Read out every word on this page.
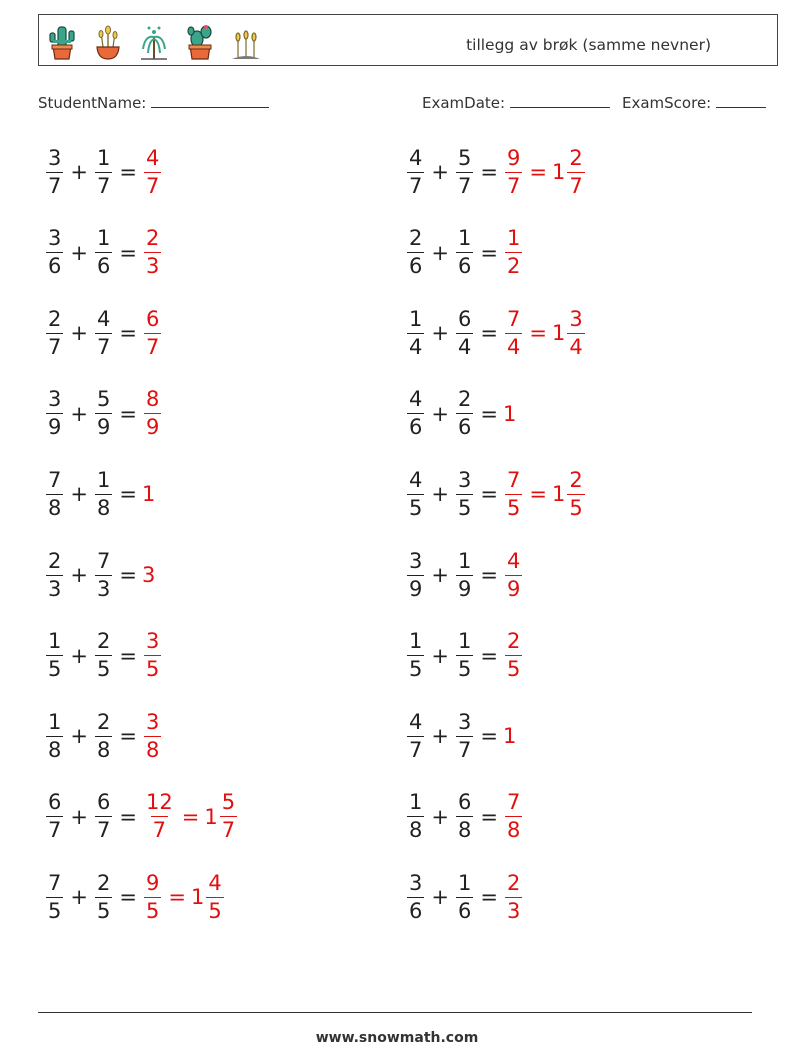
tillegg av brøk (samme nevner)
StudentName:	ExamDate:	ExamScore:
$\frac{3}{7} + \frac{1}{7} = \frac{4}{7}$
$\frac{3}{6} + \frac{1}{6} = \frac{2}{3}$
$\frac{2}{7} + \frac{4}{7} = \frac{6}{7}$
$\frac{3}{9} + \frac{5}{9} = \frac{8}{9}$
$\frac{7}{8} + \frac{1}{8} = 1$
$\frac{2}{3} + \frac{7}{3} = 3$
$\frac{1}{5} + \frac{2}{5} = \frac{3}{5}$
$\frac{1}{8} + \frac{2}{8} = \frac{3}{8}$
$\frac{6}{7} + \frac{6}{7} = \frac{12}{7} = 1 \frac{5}{7}$
$\frac{7}{5} + \frac{2}{5} = \frac{9}{5} = 1 \frac{4}{5}$
$\frac{4}{7} + \frac{5}{7} = \frac{9}{7} = 1 \frac{2}{7}$
$\frac{2}{6} + \frac{1}{6} = \frac{1}{2}$
$\frac{1}{4} + \frac{6}{4} = \frac{7}{4} = 1 \frac{3}{4}$
$\frac{4}{6} + \frac{2}{6} = 1$
$\frac{4}{5} + \frac{3}{5} = \frac{7}{5} = 1 \frac{2}{5}$
$\frac{3}{9} + \frac{1}{9} = \frac{4}{9}$
$\frac{1}{5} + \frac{1}{5} = \frac{2}{5}$
$\frac{4}{7} + \frac{3}{7} = 1$
$\frac{1}{8} + \frac{6}{8} = \frac{7}{8}$
$\frac{3}{6} + \frac{1}{6} = \frac{2}{3}$
www.snowmath.com
